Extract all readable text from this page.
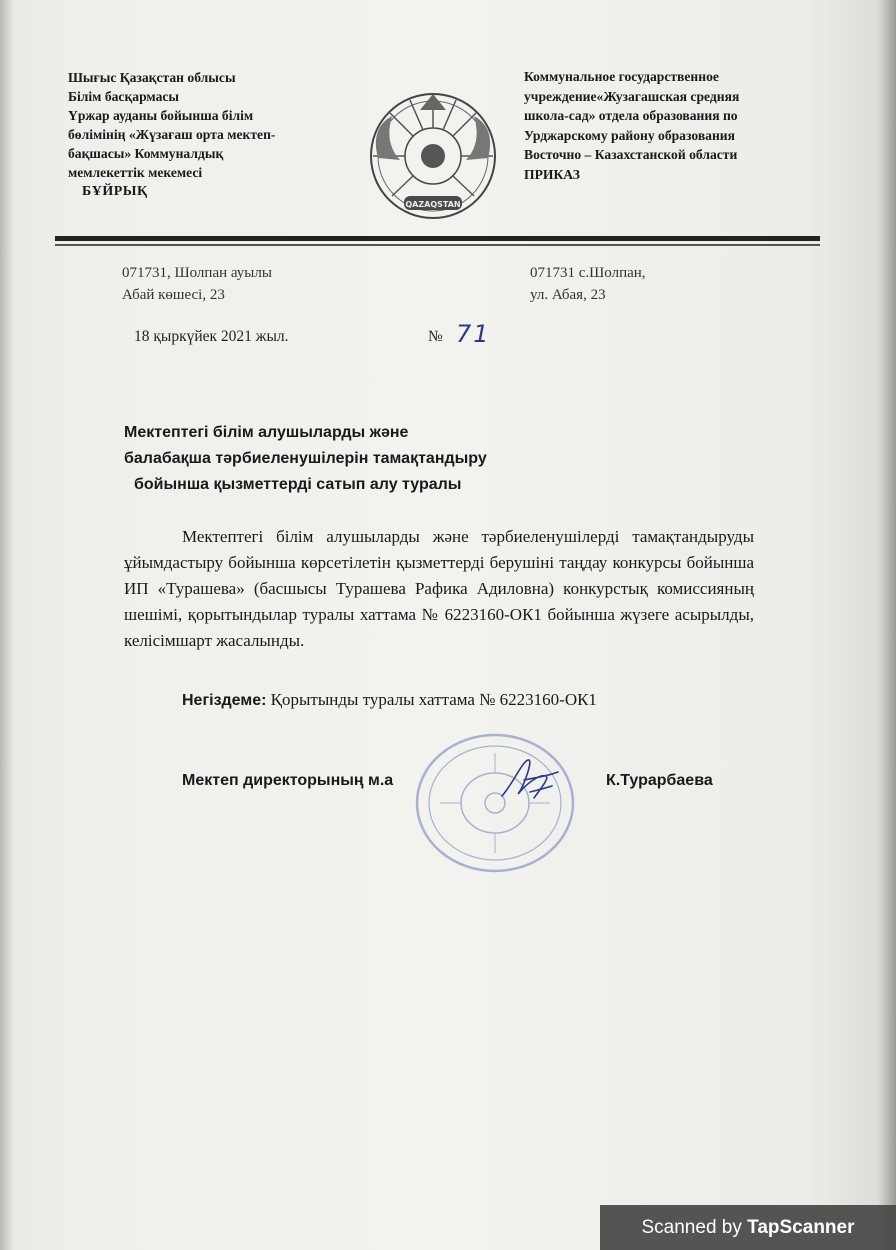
Шығыс Қазақстан облысы
Білім басқармасы
Үржар ауданы бойынша білім
бөлімінің «Жүзағаш орта мектеп-
бақшасы» Коммуналдық
мемлекеттік мекемесі
БҰЙРЫҚ
QAZAQSTAN
Коммунальное государственное
учреждение«Жузагашская средняя
школа-сад» отдела образования по
Урджарскому району образования
Восточно – Казахстанской области
ПРИКАЗ
071731, Шолпан ауылы
Абай көшесі, 23
071731 с.Шолпан,
ул. Абая, 23
18 қыркүйек 2021 жыл.	№ 71
Мектептегі білім алушыларды және
балабақша тәрбиеленушілерін тамақтандыру
бойынша қызметтерді сатып алу туралы
Мектептегі білім алушыларды және тәрбиеленушілерді тамақтандыруды ұйымдастыру бойынша көрсетілетін қызметтерді берушіні таңдау конкурсы бойынша ИП «Турашева» (басшысы Турашева Рафика Адиловна) конкурстық комиссияның шешімі, қорытындылар туралы хаттама № 6223160-ОК1 бойынша жүзеге асырылды, келісімшарт жасалынды.
Негіздеме: Қорытынды туралы хаттама № 6223160-ОК1
Мектеп директорының м.а	К.Турарбаева
Scanned by TapScanner
